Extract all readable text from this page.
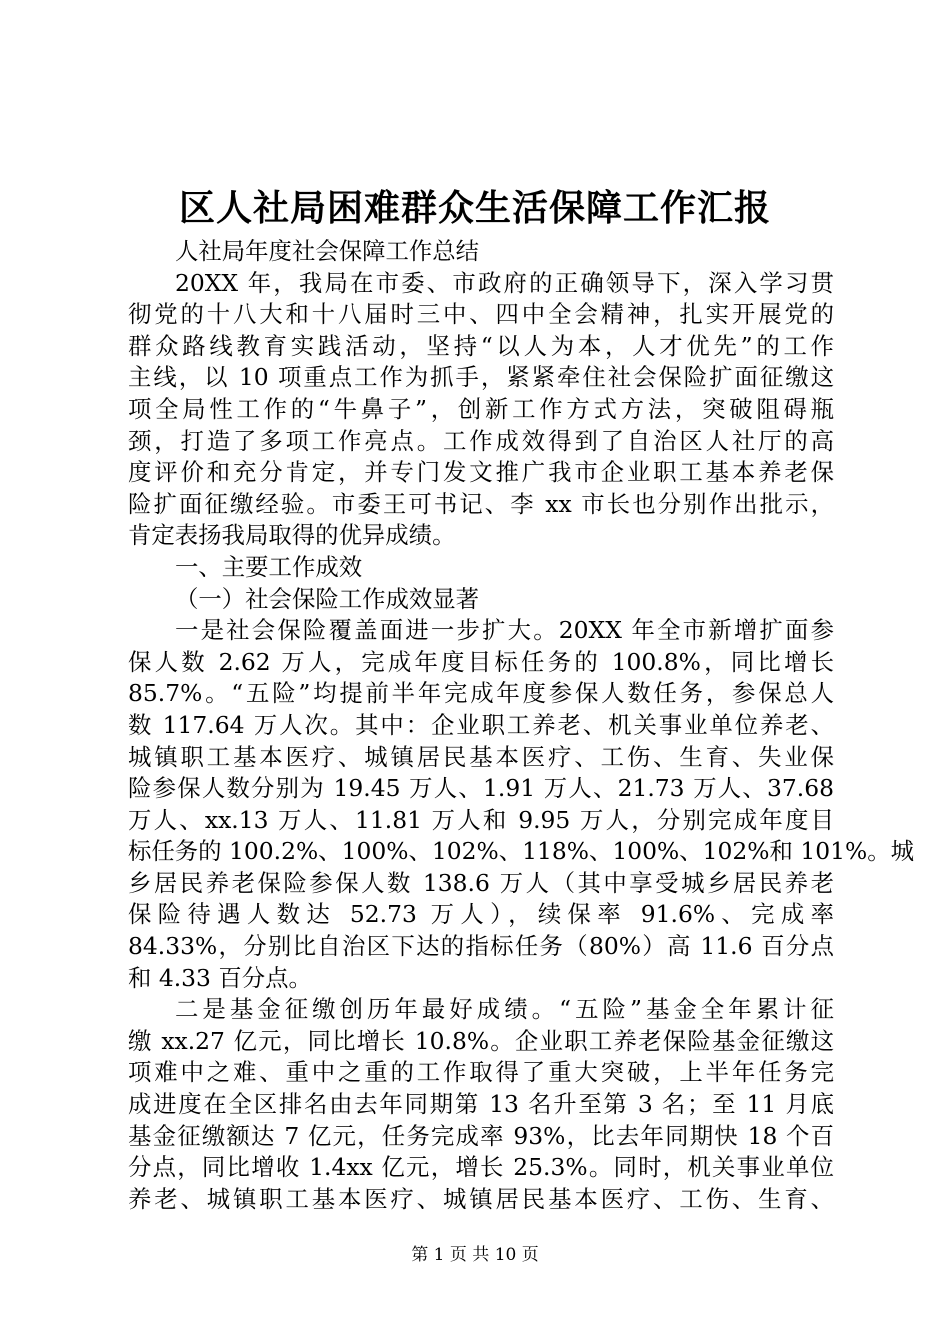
区人社局困难群众生活保障工作汇报
人社局年度社会保障工作总结
20XX 年，我局在市委、市政府的正确领导下，深入学习贯
彻党的十八大和十八届时三中、四中全会精神，扎实开展党的
群众路线教育实践活动，坚持“以人为本，人才优先”的工作
主线，以 10 项重点工作为抓手，紧紧牵住社会保险扩面征缴这
项全局性工作的“牛鼻子”，创新工作方式方法，突破阻碍瓶
颈，打造了多项工作亮点。工作成效得到了自治区人社厅的高
度评价和充分肯定，并专门发文推广我市企业职工基本养老保
险扩面征缴经验。市委王可书记、李 xx 市长也分别作出批示，
肯定表扬我局取得的优异成绩。
一、主要工作成效
（一）社会保险工作成效显著
一是社会保险覆盖面进一步扩大。20XX 年全市新增扩面参
保人数 2.62 万人，完成年度目标任务的 100.8%，同比增长
85.7%。“五险”均提前半年完成年度参保人数任务，参保总人
数 117.64 万人次。其中：企业职工养老、机关事业单位养老、
城镇职工基本医疗、城镇居民基本医疗、工伤、生育、失业保
险参保人数分别为 19.45 万人、1.91 万人、21.73 万人、37.68
万人、xx.13 万人、11.81 万人和 9.95 万人，分别完成年度目
标任务的 100.2%、100%、102%、118%、100%、102%和 101%。城
乡居民养老保险参保人数 138.6 万人（其中享受城乡居民养老
保险待遇人数达 52.73 万人），续保率 91.6%、完成率
84.33%，分别比自治区下达的指标任务（80%）高 11.6 百分点
和 4.33 百分点。
二是基金征缴创历年最好成绩。“五险”基金全年累计征
缴 xx.27 亿元，同比增长 10.8%。企业职工养老保险基金征缴这
项难中之难、重中之重的工作取得了重大突破，上半年任务完
成进度在全区排名由去年同期第 13 名升至第 3 名；至 11 月底
基金征缴额达 7 亿元，任务完成率 93%，比去年同期快 18 个百
分点，同比增收 1.4xx 亿元，增长 25.3%。同时，机关事业单位
养老、城镇职工基本医疗、城镇居民基本医疗、工伤、生育、
第 1 页 共 10 页
